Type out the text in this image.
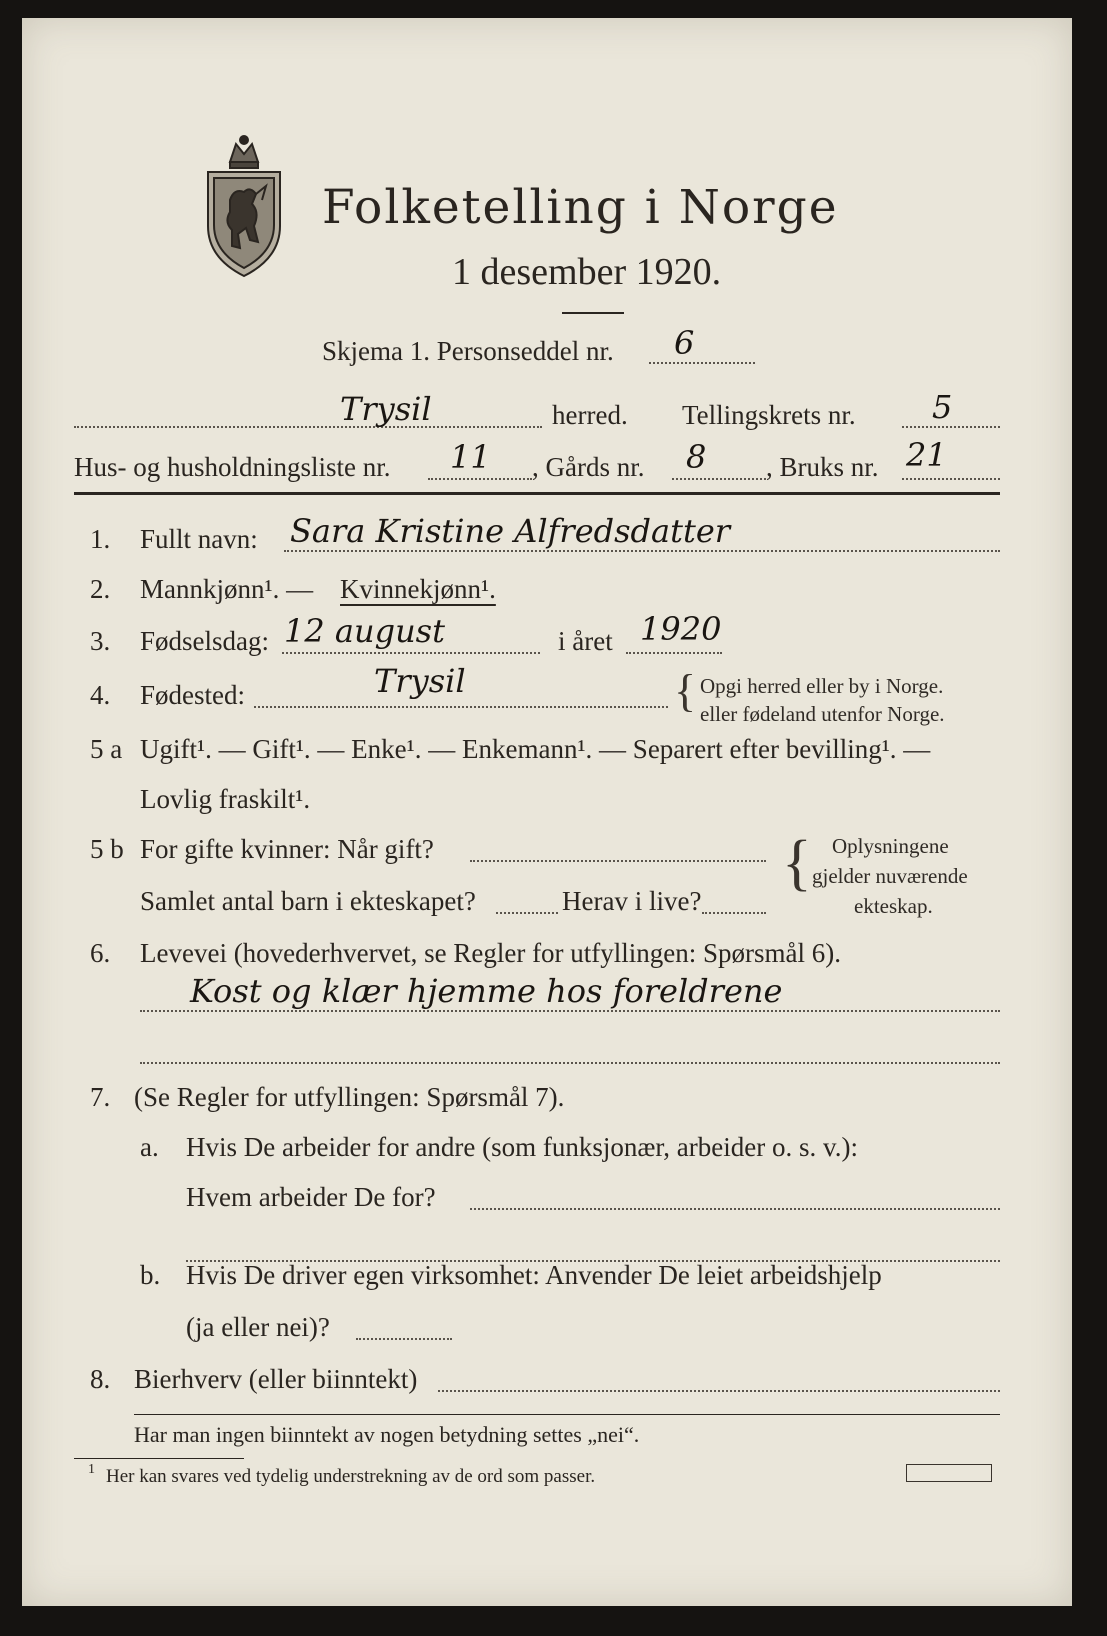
Folketelling i Norge
1 desember 1920.
Skjema 1. Personseddel nr. 6
Trysil	herred. Tellingskrets nr. 5
Hus- og husholdningsliste nr. 11 , Gårds nr. 8 , Bruks nr. 21
1. Fullt navn: Sara Kristine Alfredsdatter
2. Mannkjønn¹. — Kvinnekjønn¹.
3. Fødselsdag: 12 august	i året 1920
4. Fødested:	Trysil	{ Opgi herred eller by i Norge.
eller fødeland utenfor Norge.
5 a Ugift¹. — Gift¹. — Enke¹. — Enkemann¹. — Separert efter bevilling¹. —
Lovlig fraskilt¹.
5 b For gifte kvinner: Når gift?
Samlet antal barn i ekteskapet?	Herav i live?
{ Oplysningene
gjelder nuværende
ekteskap.
6. Levevei (hovederhvervet, se Regler for utfyllingen: Spørsmål 6).
Kost og klær hjemme hos foreldrene
7. (Se Regler for utfyllingen: Spørsmål 7).
a. Hvis De arbeider for andre (som funksjonær, arbeider o. s. v.):
Hvem arbeider De for?
b. Hvis De driver egen virksomhet: Anvender De leiet arbeidshjelp
(ja eller nei)?
8. Bierhverv (eller biinntekt)
Har man ingen biinntekt av nogen betydning settes „nei“.
1 Her kan svares ved tydelig understrekning av de ord som passer.
